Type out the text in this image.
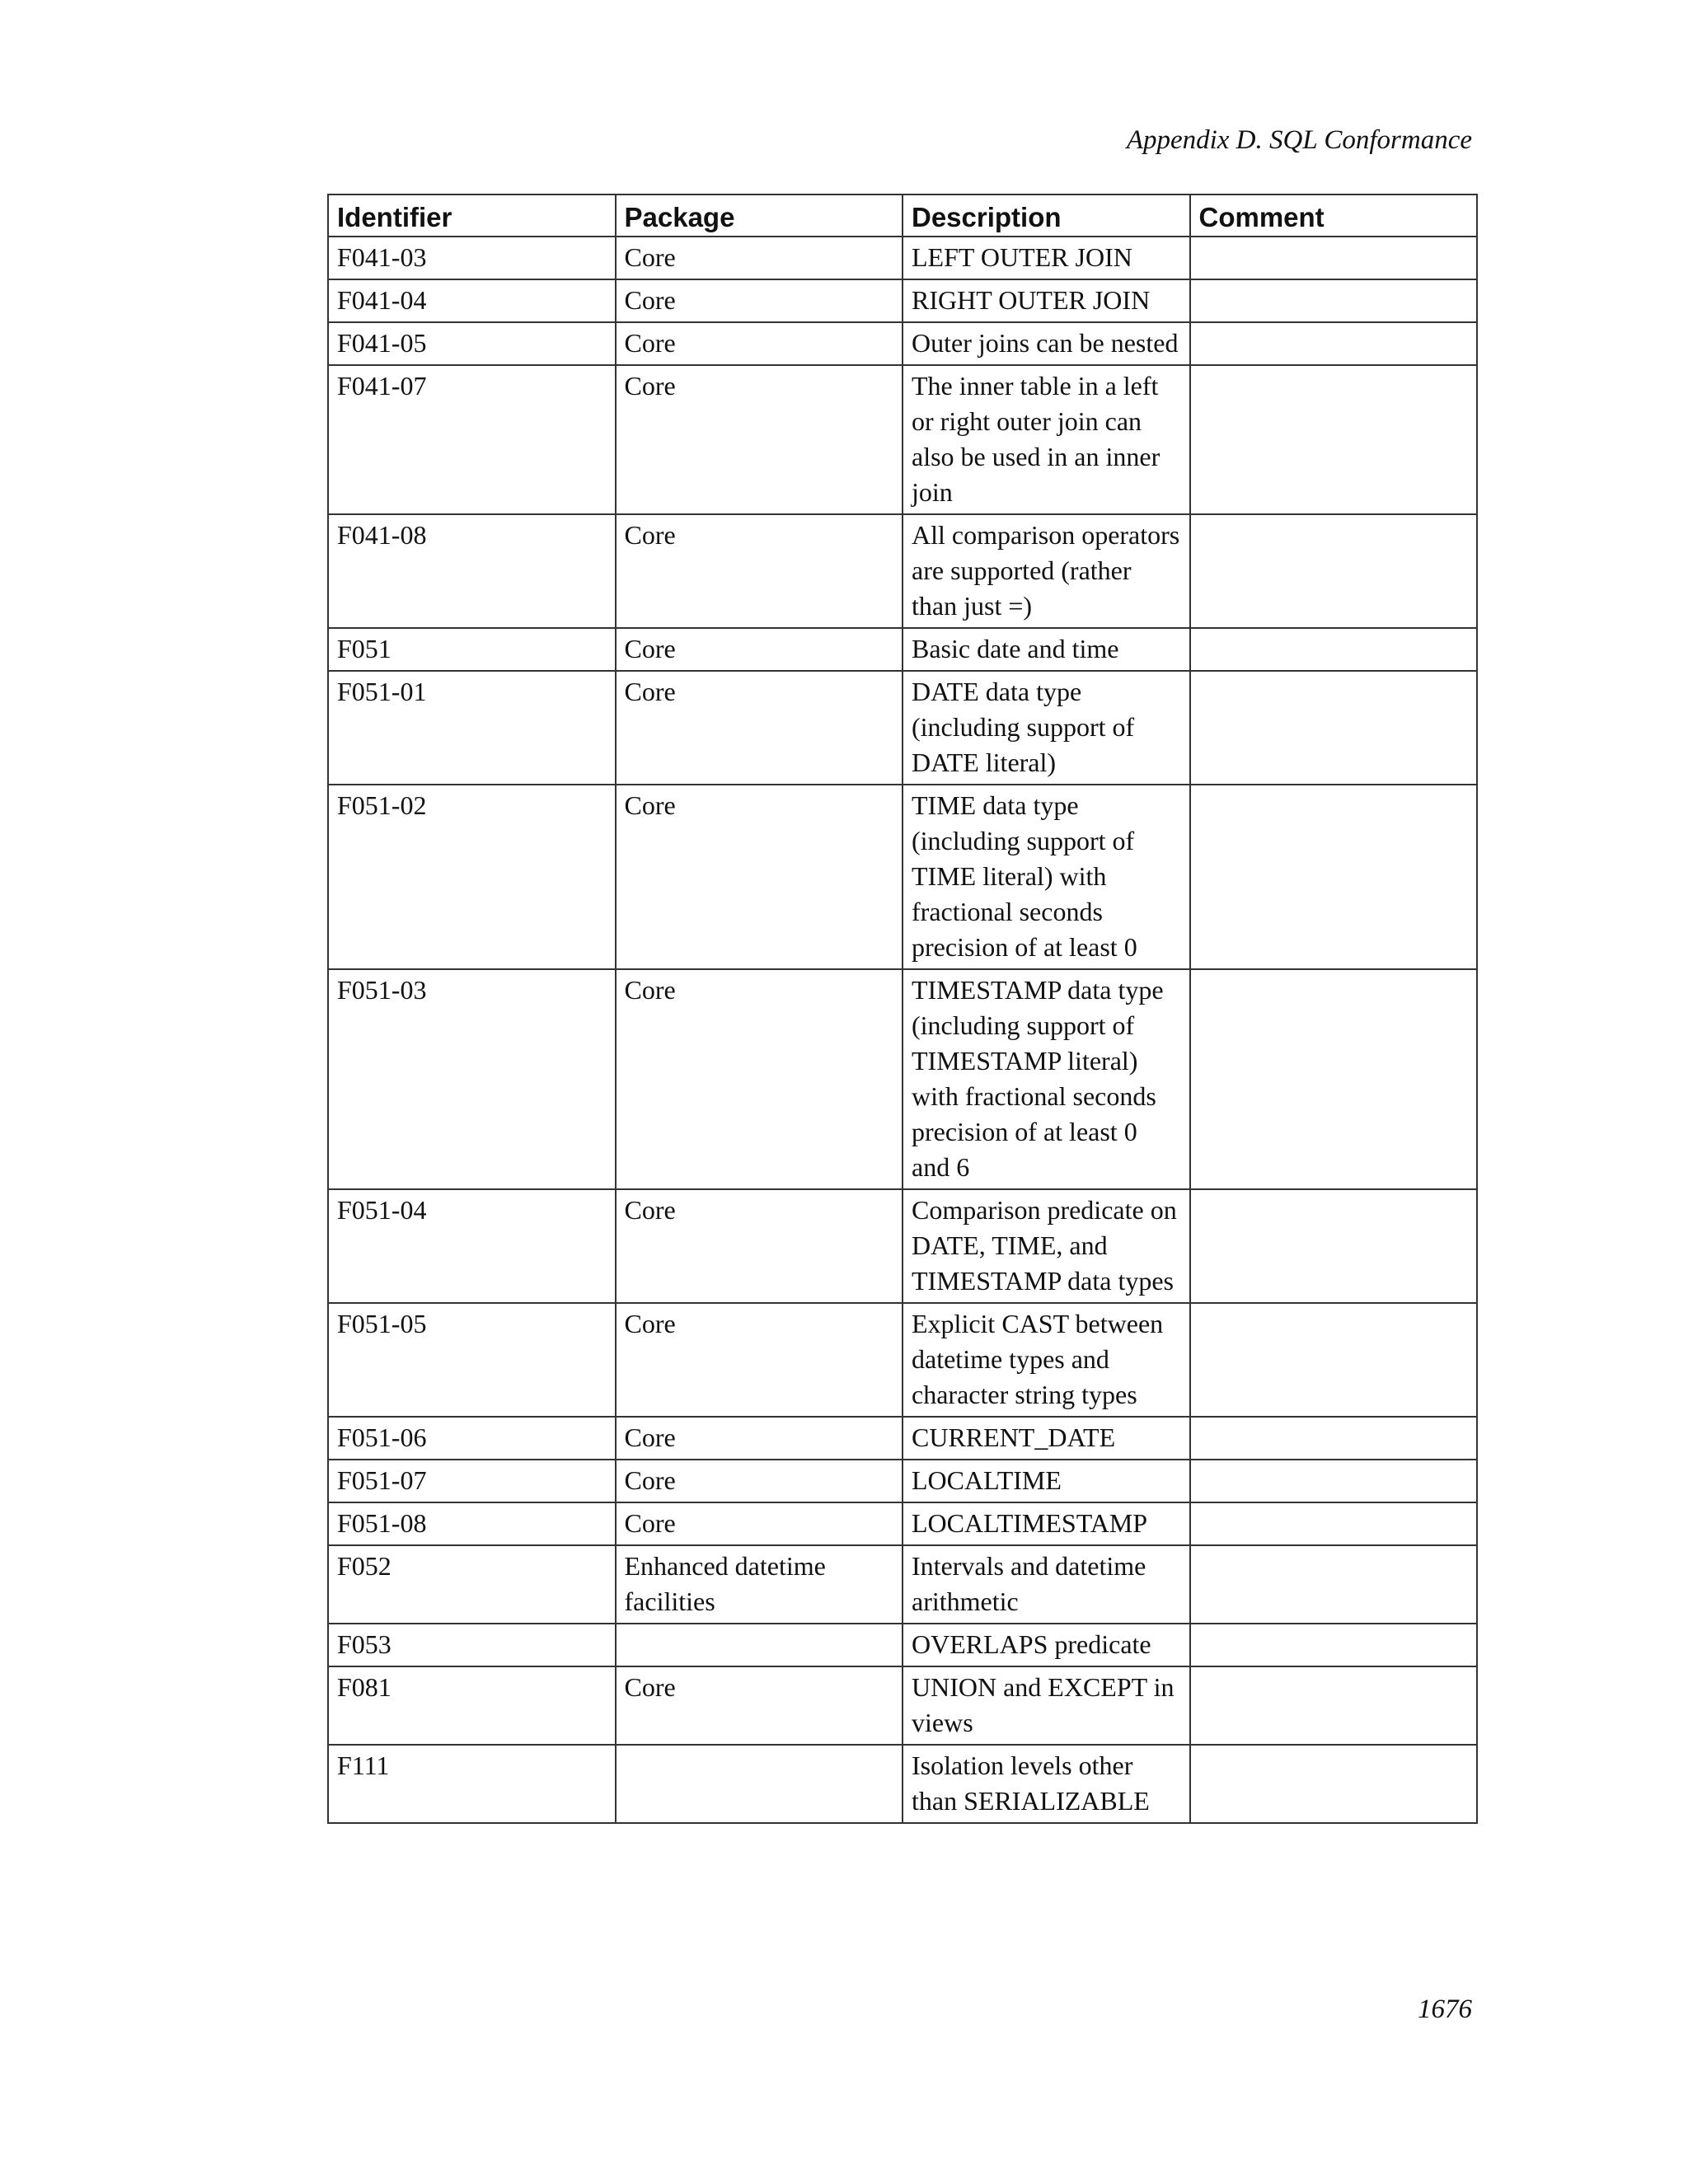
Appendix D. SQL Conformance
Identifier	Package	Description	Comment
F041-03	Core	LEFT OUTER JOIN	
F041-04	Core	RIGHT OUTER JOIN	
F041-05	Core	Outer joins can be nested	
F041-07	Core	The inner table in a left or right outer join can also be used in an inner join	
F041-08	Core	All comparison operators are supported (rather than just =)	
F051	Core	Basic date and time	
F051-01	Core	DATE data type (including support of DATE literal)	
F051-02	Core	TIME data type (including support of TIME literal) with fractional seconds precision of at least 0	
F051-03	Core	TIMESTAMP data type (including support of TIMESTAMP literal) with fractional seconds precision of at least 0 and 6	
F051-04	Core	Comparison predicate on DATE, TIME, and TIMESTAMP data types	
F051-05	Core	Explicit CAST between datetime types and character string types	
F051-06	Core	CURRENT_DATE	
F051-07	Core	LOCALTIME	
F051-08	Core	LOCALTIMESTAMP	
F052	Enhanced datetime facilities	Intervals and datetime arithmetic	
F053		OVERLAPS predicate	
F081	Core	UNION and EXCEPT in views	
F111		Isolation levels other than SERIALIZABLE	
1676
